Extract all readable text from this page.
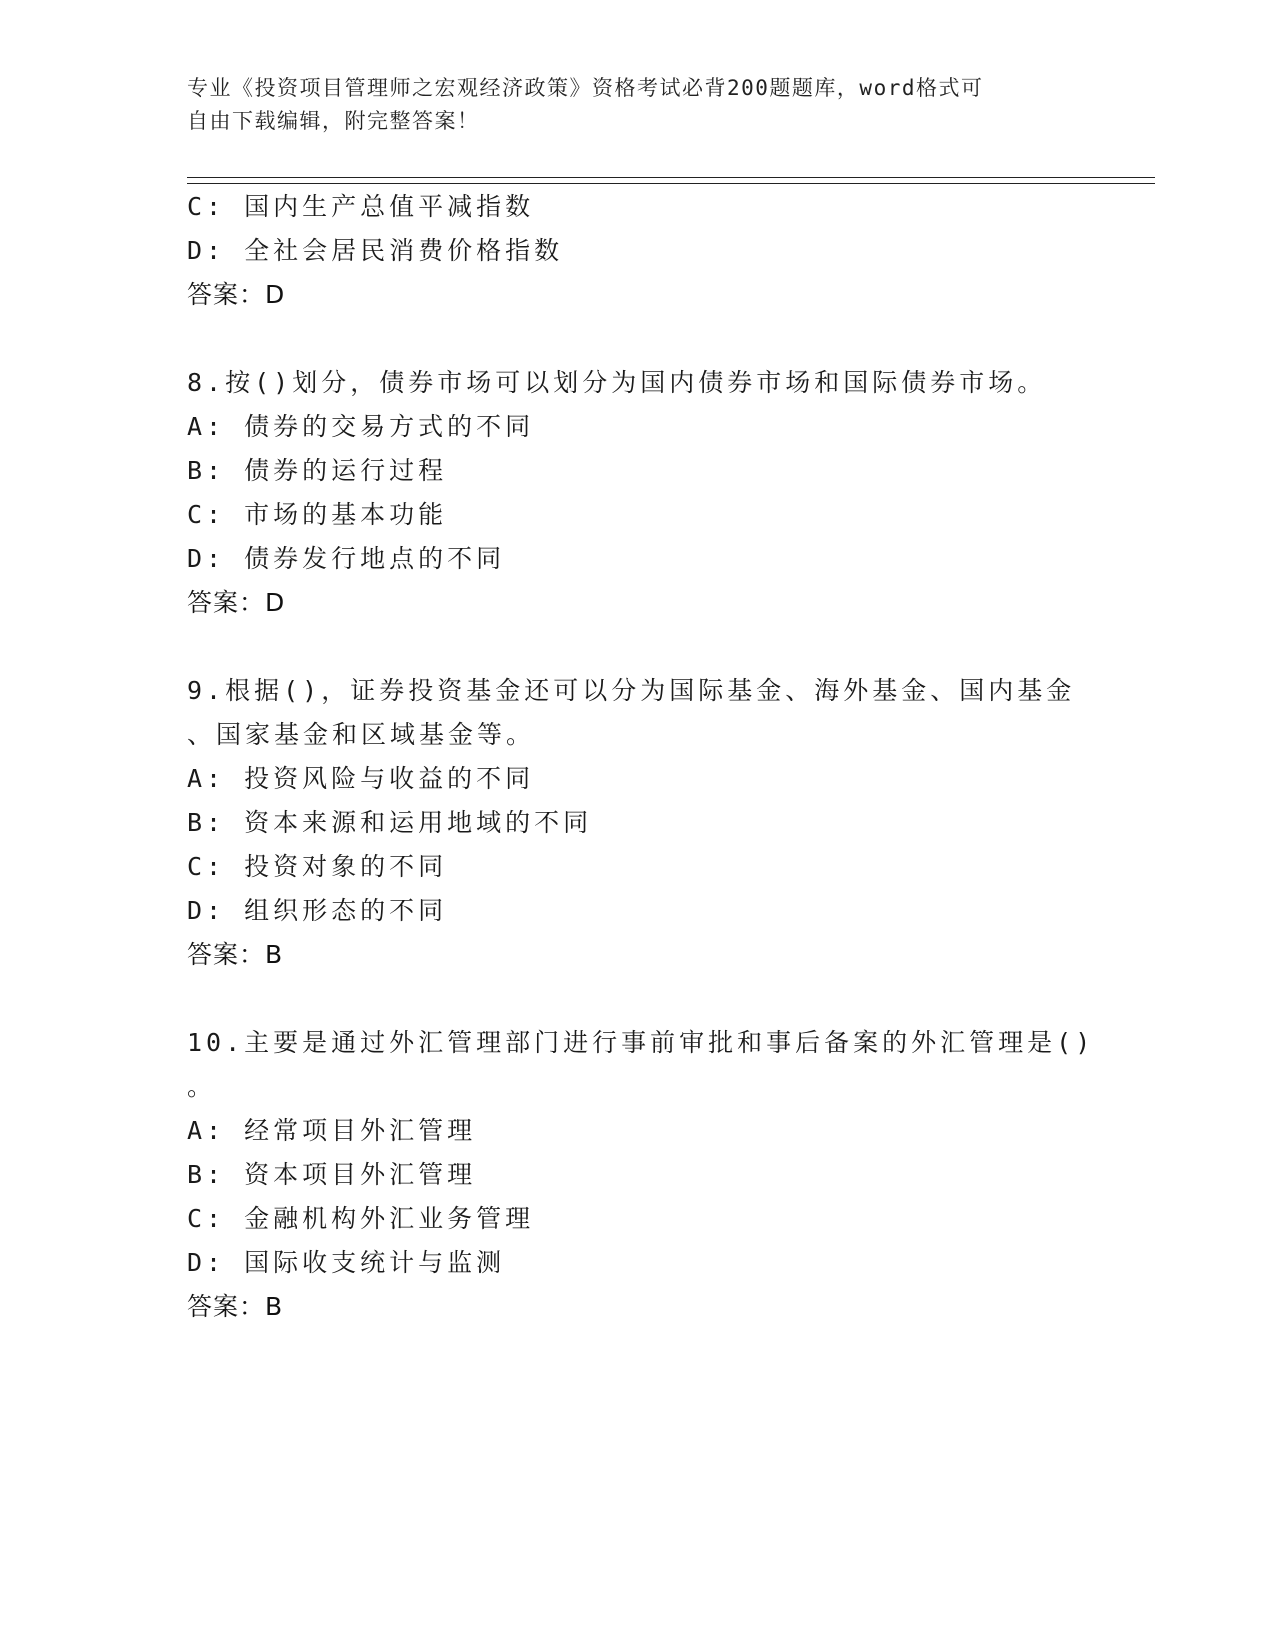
专业《投资项目管理师之宏观经济政策》资格考试必背200题题库，word格式可
自由下载编辑，附完整答案！
C: 国内生产总值平减指数
D: 全社会居民消费价格指数
答案：D
8.按()划分，债券市场可以划分为国内债券市场和国际债券市场。
A: 债券的交易方式的不同
B: 债券的运行过程
C: 市场的基本功能
D: 债券发行地点的不同
答案：D
9.根据()，证券投资基金还可以分为国际基金、海外基金、国内基金
、国家基金和区域基金等。
A: 投资风险与收益的不同
B: 资本来源和运用地域的不同
C: 投资对象的不同
D: 组织形态的不同
答案：B
10.主要是通过外汇管理部门进行事前审批和事后备案的外汇管理是()
。
A: 经常项目外汇管理
B: 资本项目外汇管理
C: 金融机构外汇业务管理
D: 国际收支统计与监测
答案：B
